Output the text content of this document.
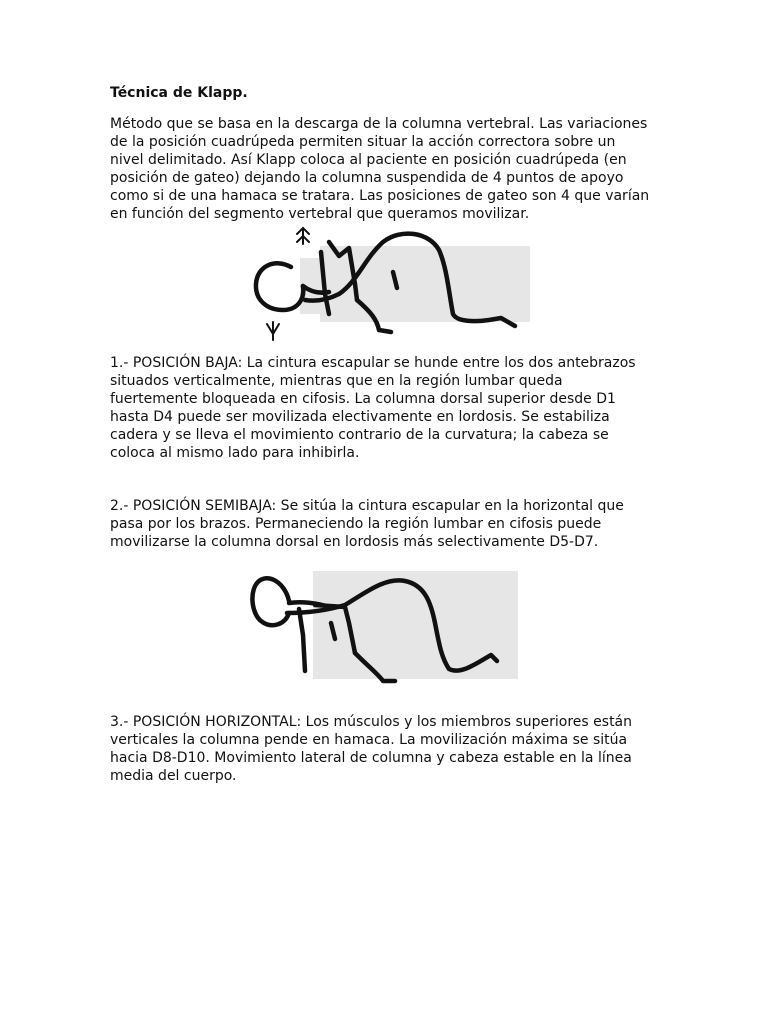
Técnica de Klapp.
Método que se basa en la descarga de la columna vertebral. Las variaciones
de la posición cuadrúpeda permiten situar la acción correctora sobre un
nivel delimitado. Así Klapp coloca al paciente en posición cuadrúpeda (en
posición de gateo) dejando la columna suspendida de 4 puntos de apoyo
como si de una hamaca se tratara. Las posiciones de gateo son 4 que varían
en función del segmento vertebral que queramos movilizar.
1.- POSICIÓN BAJA: La cintura escapular se hunde entre los dos antebrazos
situados verticalmente, mientras que en la región lumbar queda
fuertemente bloqueada en cifosis. La columna dorsal superior desde D1
hasta D4 puede ser movilizada electivamente en lordosis. Se estabiliza
cadera y se lleva el movimiento contrario de la curvatura; la cabeza se
coloca al mismo lado para inhibirla.
2.- POSICIÓN SEMIBAJA: Se sitúa la cintura escapular en la horizontal que
pasa por los brazos. Permaneciendo la región lumbar en cifosis puede
movilizarse la columna dorsal en lordosis más selectivamente D5-D7.
3.- POSICIÓN HORIZONTAL: Los músculos y los miembros superiores están
verticales la columna pende en hamaca. La movilización máxima se sitúa
hacia D8-D10. Movimiento lateral de columna y cabeza estable en la línea
media del cuerpo.
